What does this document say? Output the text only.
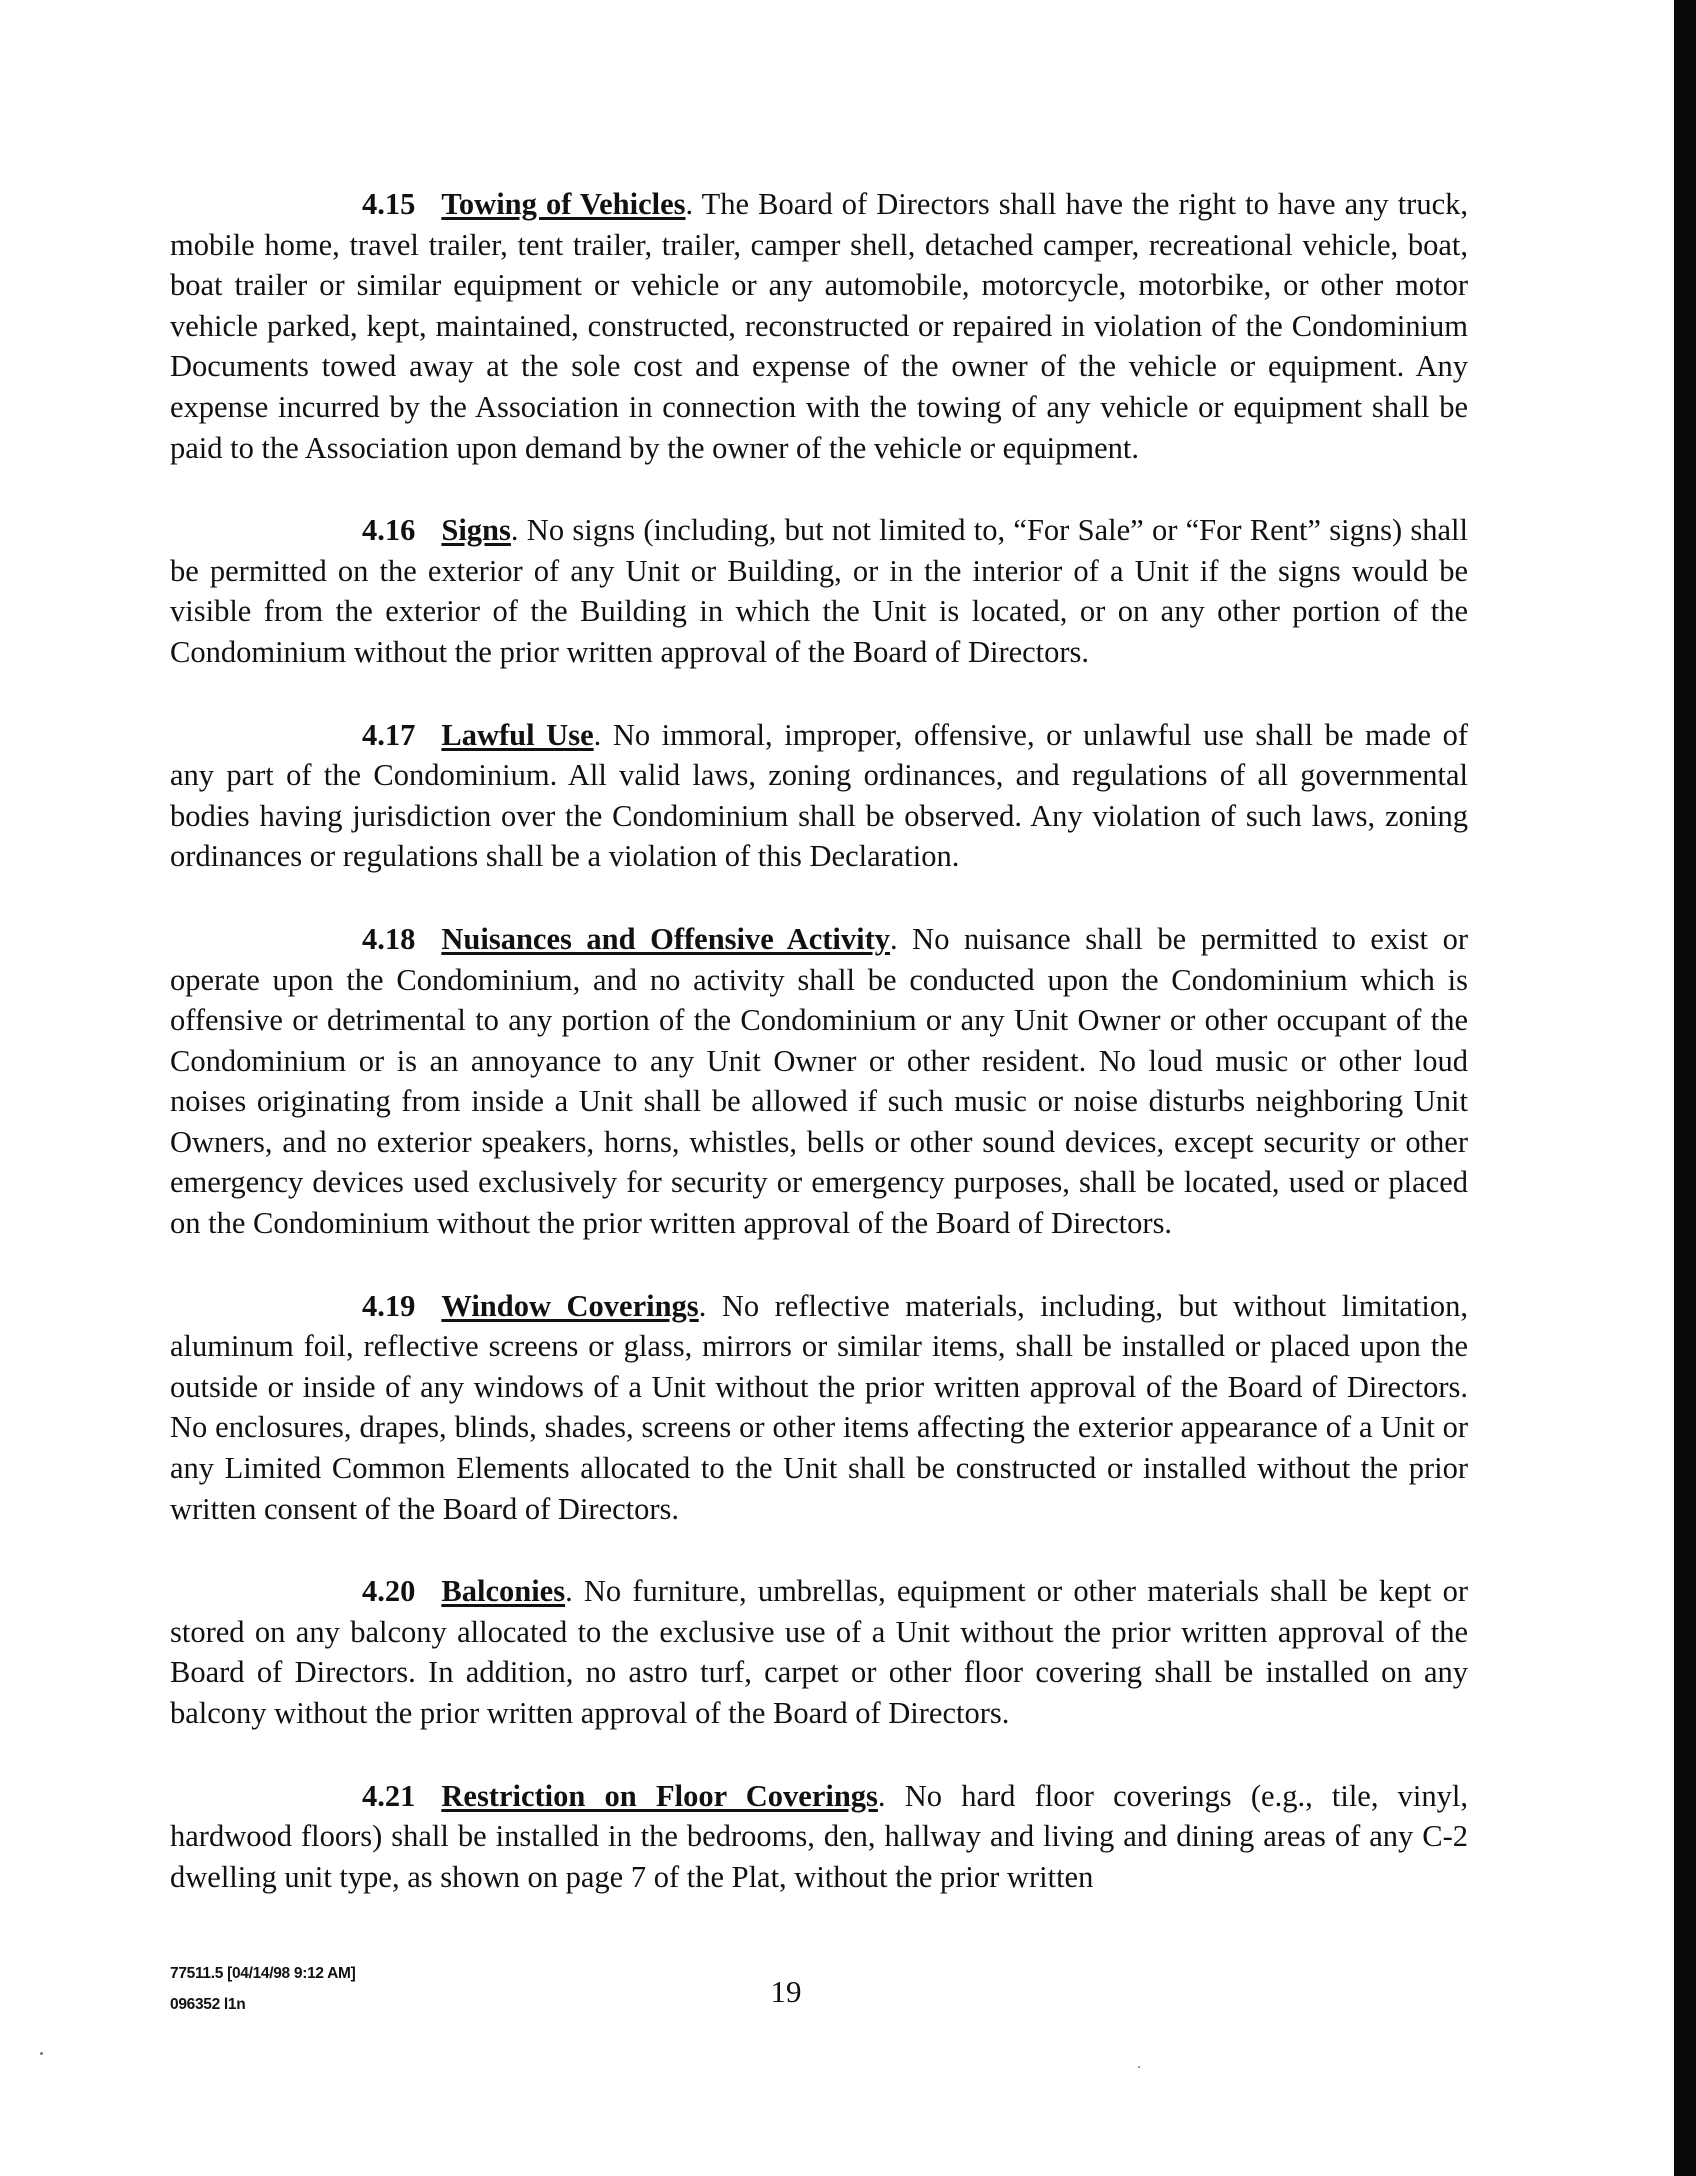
4.15 Towing of Vehicles. The Board of Directors shall have the right to have any truck, mobile home, travel trailer, tent trailer, trailer, camper shell, detached camper, recreational vehicle, boat, boat trailer or similar equipment or vehicle or any automobile, motorcycle, motorbike, or other motor vehicle parked, kept, maintained, constructed, reconstructed or repaired in violation of the Condominium Documents towed away at the sole cost and expense of the owner of the vehicle or equipment. Any expense incurred by the Association in connection with the towing of any vehicle or equipment shall be paid to the Association upon demand by the owner of the vehicle or equipment.

4.16 Signs. No signs (including, but not limited to, “For Sale” or “For Rent” signs) shall be permitted on the exterior of any Unit or Building, or in the interior of a Unit if the signs would be visible from the exterior of the Building in which the Unit is located, or on any other portion of the Condominium without the prior written approval of the Board of Directors.

4.17 Lawful Use. No immoral, improper, offensive, or unlawful use shall be made of any part of the Condominium. All valid laws, zoning ordinances, and regulations of all governmental bodies having jurisdiction over the Condominium shall be observed. Any violation of such laws, zoning ordinances or regulations shall be a violation of this Declaration.

4.18 Nuisances and Offensive Activity. No nuisance shall be permitted to exist or operate upon the Condominium, and no activity shall be conducted upon the Condominium which is offensive or detrimental to any portion of the Condominium or any Unit Owner or other occupant of the Condominium or is an annoyance to any Unit Owner or other resident. No loud music or other loud noises originating from inside a Unit shall be allowed if such music or noise disturbs neighboring Unit Owners, and no exterior speakers, horns, whistles, bells or other sound devices, except security or other emergency devices used exclusively for security or emergency purposes, shall be located, used or placed on the Condominium without the prior written approval of the Board of Directors.

4.19 Window Coverings. No reflective materials, including, but without limitation, aluminum foil, reflective screens or glass, mirrors or similar items, shall be installed or placed upon the outside or inside of any windows of a Unit without the prior written approval of the Board of Directors. No enclosures, drapes, blinds, shades, screens or other items affecting the exterior appearance of a Unit or any Limited Common Elements allocated to the Unit shall be constructed or installed without the prior written consent of the Board of Directors.

4.20 Balconies. No furniture, umbrellas, equipment or other materials shall be kept or stored on any balcony allocated to the exclusive use of a Unit without the prior written approval of the Board of Directors. In addition, no astro turf, carpet or other floor covering shall be installed on any balcony without the prior written approval of the Board of Directors.

4.21 Restriction on Floor Coverings. No hard floor coverings (e.g., tile, vinyl, hardwood floors) shall be installed in the bedrooms, den, hallway and living and dining areas of any C-2 dwelling unit type, as shown on page 7 of the Plat, without the prior written

77511.5 [04/14/98 9:12 AM]
096352 l1n	19
